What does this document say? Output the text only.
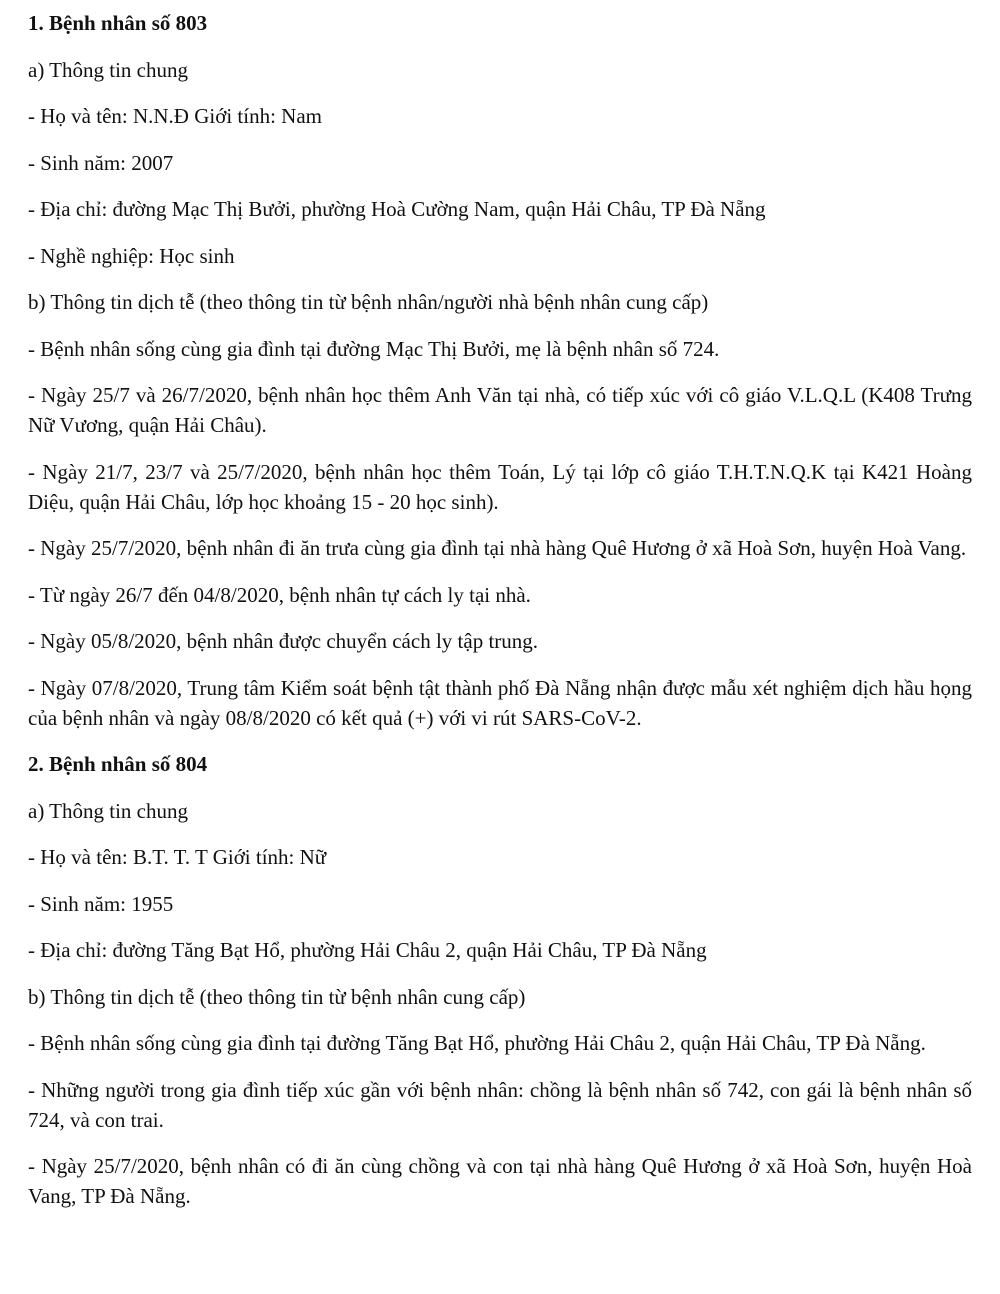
1. Bệnh nhân số 803

a) Thông tin chung

- Họ và tên: N.N.Đ Giới tính: Nam

- Sinh năm: 2007

- Địa chỉ: đường Mạc Thị Bưởi, phường Hoà Cường Nam, quận Hải Châu, TP Đà Nẵng

- Nghề nghiệp: Học sinh

b) Thông tin dịch tễ (theo thông tin từ bệnh nhân/người nhà bệnh nhân cung cấp)

- Bệnh nhân sống cùng gia đình tại đường Mạc Thị Bưởi, mẹ là bệnh nhân số 724.

- Ngày 25/7 và 26/7/2020, bệnh nhân học thêm Anh Văn tại nhà, có tiếp xúc với cô giáo V.L.Q.L (K408 Trưng Nữ Vương, quận Hải Châu).

- Ngày 21/7, 23/7 và 25/7/2020, bệnh nhân học thêm Toán, Lý tại lớp cô giáo T.H.T.N.Q.K tại K421 Hoàng Diệu, quận Hải Châu, lớp học khoảng 15 - 20 học sinh).

- Ngày 25/7/2020, bệnh nhân đi ăn trưa cùng gia đình tại nhà hàng Quê Hương ở xã Hoà Sơn, huyện Hoà Vang.

- Từ ngày 26/7 đến 04/8/2020, bệnh nhân tự cách ly tại nhà.

- Ngày 05/8/2020, bệnh nhân được chuyển cách ly tập trung.

- Ngày 07/8/2020, Trung tâm Kiểm soát bệnh tật thành phố Đà Nẵng nhận được mẫu xét nghiệm dịch hầu họng của bệnh nhân và ngày 08/8/2020 có kết quả (+) với vi rút SARS-CoV-2.

2. Bệnh nhân số 804

a) Thông tin chung

- Họ và tên: B.T. T. T Giới tính: Nữ

- Sinh năm: 1955

- Địa chỉ: đường Tăng Bạt Hổ, phường Hải Châu 2, quận Hải Châu, TP Đà Nẵng

b) Thông tin dịch tễ (theo thông tin từ bệnh nhân cung cấp)

- Bệnh nhân sống cùng gia đình tại đường Tăng Bạt Hổ, phường Hải Châu 2, quận Hải Châu, TP Đà Nẵng.

- Những người trong gia đình tiếp xúc gần với bệnh nhân: chồng là bệnh nhân số 742, con gái là bệnh nhân số 724, và con trai.

- Ngày 25/7/2020, bệnh nhân có đi ăn cùng chồng và con tại nhà hàng Quê Hương ở xã Hoà Sơn, huyện Hoà Vang, TP Đà Nẵng.
